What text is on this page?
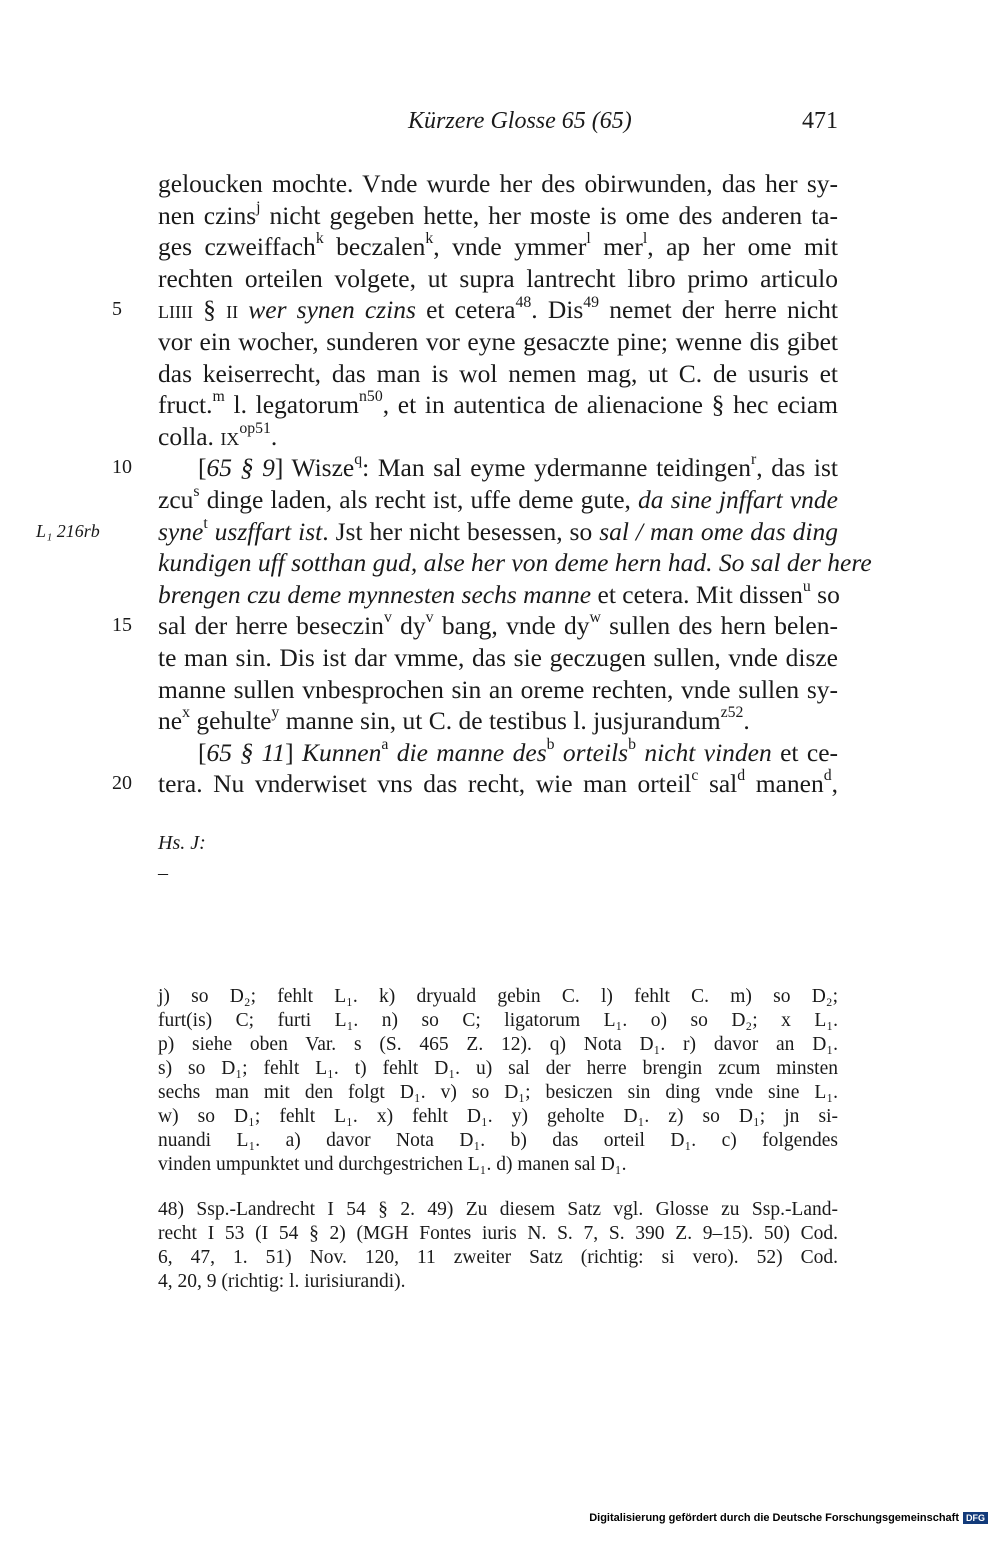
Kürzere Glosse 65 (65)	471
geloucken mochte. Vnde wurde her des obirwunden, das her sy-
nen czins$^j$ nicht gegeben hette, her moste is ome des anderen ta-
ges czweiffach$^k$ beczalen$^k$, vnde ymmer$^l$ mer$^l$, ap her ome mit
rechten orteilen volgete, ut supra lantrecht libro primo articulo
5	liiii § ii wer synen czins et cetera$^{48}$. Dis$^{49}$ nemet der herre nicht
vor ein wocher, sunderen vor eyne gesaczte pine; wenne dis gibet
das keiserrecht, das man is wol nemen mag, ut C. de usuris et
fruct.$^m$ l. legatorum$^{n50}$, et in autentica de alienacione § hec eciam
colla. $ix^{op51}$.
10	[65 § 9] Wisze$^q$: Man sal eyme ydermanne teidingen$^r$, das ist
zcu$^s$ dinge laden, als recht ist, uffe deme gute, da sine jnffart vnde
L₁ 216rb syne$^t$ uszffart ist. Jst her nicht besessen, so sal / man ome das ding
kundigen uff sotthan gud, alse her von deme hern had. So sal der here
brengen czu deme mynnesten sechs manne et cetera. Mit dissen$^u$ so
15 sal der herre beseczin$^v$ $dy^v$ bang, vnde $dy^w$ sullen des hern belen-
te man sin. Dis ist dar vmme, das sie geczugen sullen, vnde disze
manne sullen vnbesprochen sin an oreme rechten, vnde sullen sy-
$ne^x$ gehulte$^y$ manne sin, ut C. de testibus l. jusjurandum$^{z52}$.
[65 § 11] Kunnen$^a$ die manne des$^b$ orteils$^b$ nicht vinden et ce-
20 tera. Nu vnderwiset vns das recht, wie man orteil$^c$ sal$^d$ manen$^d$,
Hs. J:
–
j) so D₂; fehlt L₁. k) dryuald gebin C. l) fehlt C. m) so D₂;
furt(is) C; furti L₁. n) so C; ligatorum L₁. o) so D₂; x L₁.
p) siehe oben Var. s (S. 465 Z. 12). q) Nota D₁. r) davor an D₁.
s) so D₁; fehlt L₁. t) fehlt D₁. u) sal der herre brengin zcum minsten
sechs man mit den folgt D₁. v) so D₁; besiczen sin ding vnde sine L₁.
w) so D₁; fehlt L₁. x) fehlt D₁. y) geholte D₁. z) so D₁; jn si-
nuandi L₁. a) davor Nota D₁. b) das orteil D₁. c) folgendes
vinden umpunktet und durchgestrichen L₁. d) manen sal D₁.
48) Ssp.-Landrecht I 54 § 2. 49) Zu diesem Satz vgl. Glosse zu Ssp.-Land-
recht I 53 (I 54 § 2) (MGH Fontes iuris N. S. 7, S. 390 Z. 9–15). 50) Cod.
6, 47, 1. 51) Nov. 120, 11 zweiter Satz (richtig: si vero). 52) Cod.
4, 20, 9 (richtig: l. iurisiurandi).
Digitalisierung gefördert durch die Deutsche Forschungsgemeinschaft DFG
